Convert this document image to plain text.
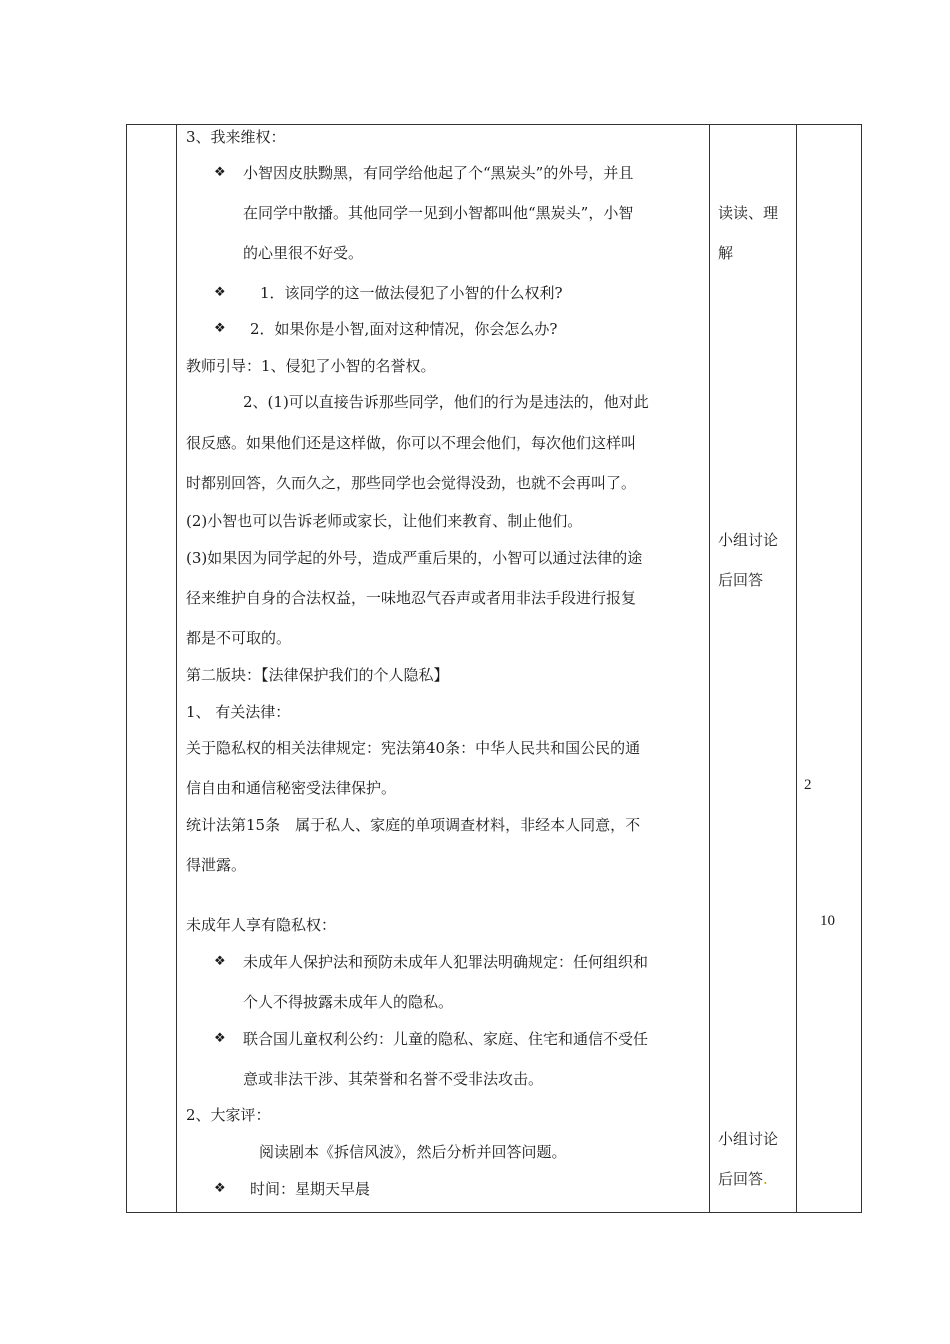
3、我来维权：
❖ 小智因皮肤黝黑，有同学给他起了个“黑炭头”的外号，并且
在同学中散播。其他同学一见到小智都叫他“黑炭头”，小智
的心里很不好受。
❖ 1．该同学的这一做法侵犯了小智的什么权利?
❖ 2．如果你是小智,面对这种情况，你会怎么办?
教师引导：1、侵犯了小智的名誉权。
2、(1)可以直接告诉那些同学，他们的行为是违法的，他对此
很反感。如果他们还是这样做，你可以不理会他们，每次他们这样叫
时都别回答，久而久之，那些同学也会觉得没劲，也就不会再叫了。
(2)小智也可以告诉老师或家长，让他们来教育、制止他们。
(3)如果因为同学起的外号，造成严重后果的，小智可以通过法律的途
径来维护自身的合法权益，一味地忍气吞声或者用非法手段进行报复
都是不可取的。
第二版块：【法律保护我们的个人隐私】
1、 有关法律：
关于隐私权的相关法律规定：宪法第40条：中华人民共和国公民的通
信自由和通信秘密受法律保护。
统计法第15条　属于私人、家庭的单项调查材料，非经本人同意，不
得泄露。
未成年人享有隐私权：
❖ 未成年人保护法和预防未成年人犯罪法明确规定：任何组织和
个人不得披露未成年人的隐私。
❖ 联合国儿童权利公约：儿童的隐私、家庭、住宅和通信不受任
意或非法干涉、其荣誉和名誉不受非法攻击。
2、大家评：
阅读剧本《拆信风波》，然后分析并回答问题。
❖ 时间：星期天早晨
读读、理
解
小组讨论
后回答
小组讨论
后回答.
2
10
